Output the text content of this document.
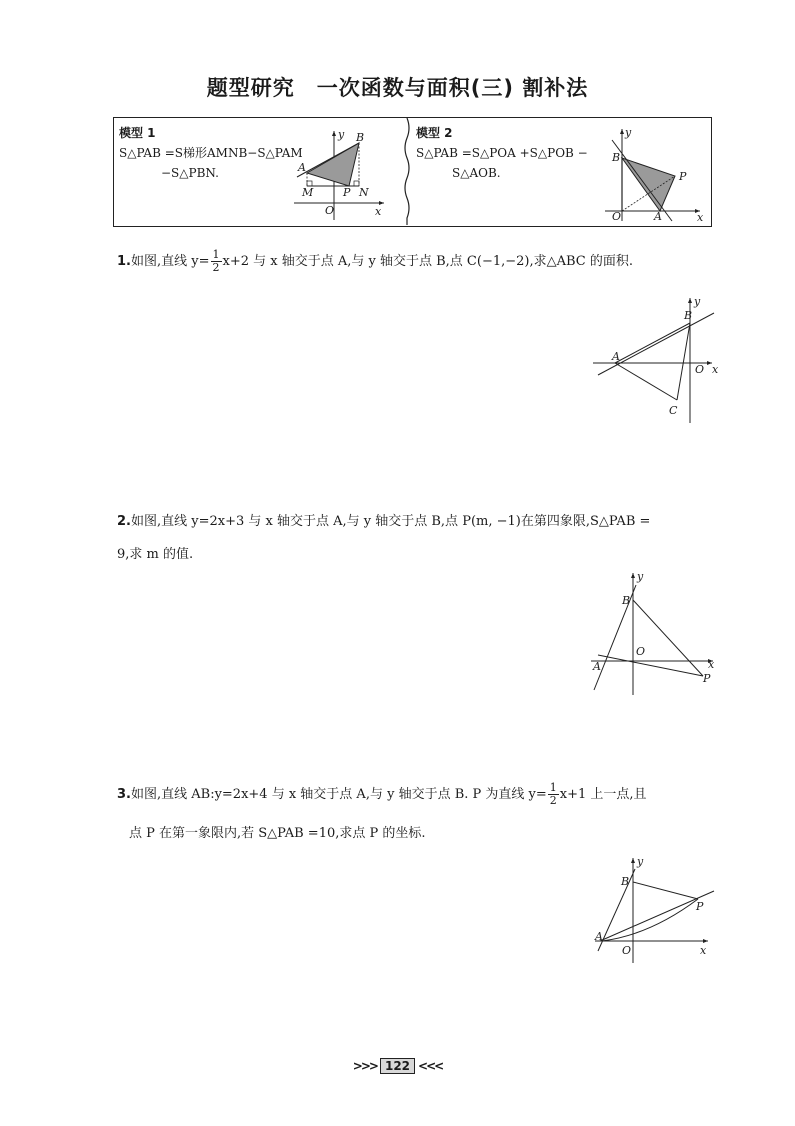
题型研究 一次函数与面积(三) 割补法
模型 1
S△PAB =S梯形AMNB−S△PAM
−S△PBN.
y B
A
M	P N
O	x
模型 2
S△PAB =S△POA +S△POB −
S△AOB.
y
B
P
O	A	x
1.如图,直线 $y= \frac{1}{2} x+2$ 与 x 轴交于点 A,与 y 轴交于点 B,点 C(−1,−2),求△ABC 的面积.
y
B
A
O x
C
2.如图,直线 y=2x+3 与 x 轴交于点 A,与 y 轴交于点 B,点 P(m, −1)在第四象限,S△PAB =
9,求 m 的值.
y
B
O
A	x
P
3.如图,直线 AB:y=2x+4 与 x 轴交于点 A,与 y 轴交于点 B. P 为直线 $y= \frac{1}{2} x+1$ 上一点,且
点 P 在第一象限内,若 S△PAB =10,求点 P 的坐标.
y
B
P
A
O	x
>>> 122 <<<
